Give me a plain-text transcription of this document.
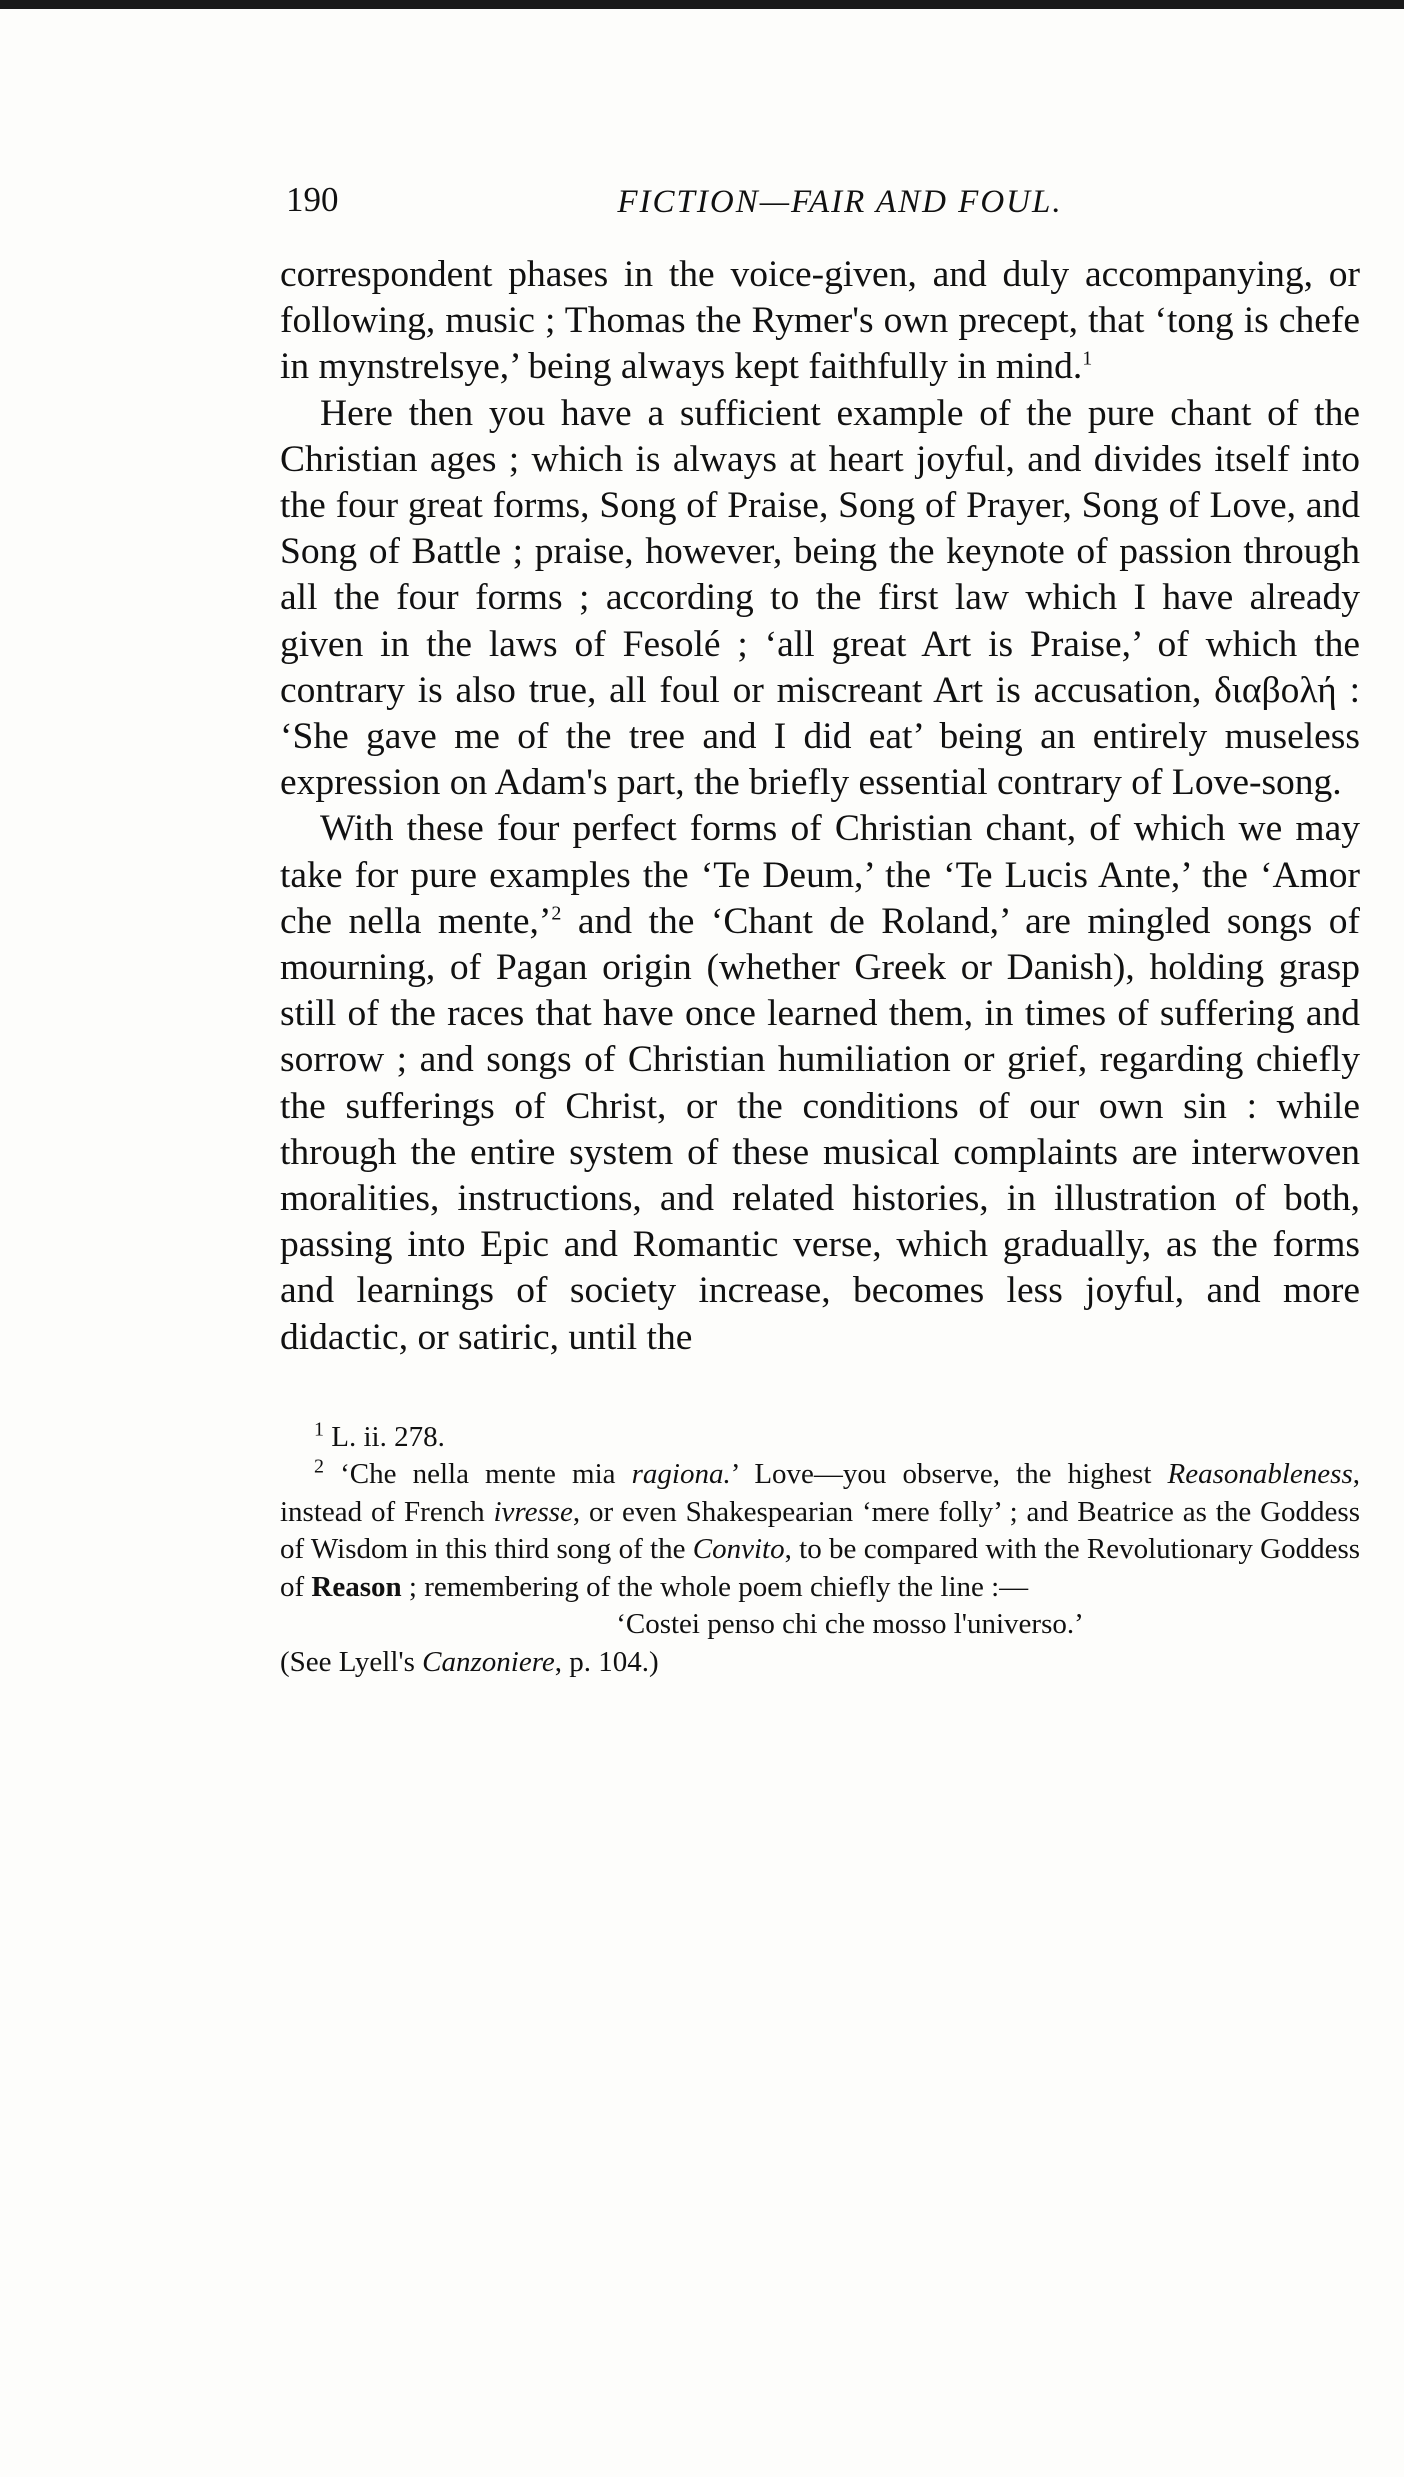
190	FICTION—FAIR AND FOUL.

correspondent phases in the voice-given, and duly accompanying, or following, music ; Thomas the Rymer's own precept, that ‘tong is chefe in mynstrelsye,’ being always kept faithfully in mind.$^1$

Here then you have a sufficient example of the pure chant of the Christian ages ; which is always at heart joyful, and divides itself into the four great forms, Song of Praise, Song of Prayer, Song of Love, and Song of Battle ; praise, however, being the keynote of passion through all the four forms ; according to the first law which I have already given in the laws of Fesolé ; ‘all great Art is Praise,’ of which the contrary is also true, all foul or miscreant Art is accusation, διαβολή : ‘She gave me of the tree and I did eat’ being an entirely museless expression on Adam's part, the briefly essential contrary of Love-song.

With these four perfect forms of Christian chant, of which we may take for pure examples the ‘Te Deum,’ the ‘Te Lucis Ante,’ the ‘Amor che nella mente,’$^2$ and the ‘Chant de Roland,’ are mingled songs of mourning, of Pagan origin (whether Greek or Danish), holding grasp still of the races that have once learned them, in times of suffering and sorrow ; and songs of Christian humiliation or grief, regarding chiefly the sufferings of Christ, or the conditions of our own sin : while through the entire system of these musical complaints are interwoven moralities, instructions, and related histories, in illustration of both, passing into Epic and Romantic verse, which gradually, as the forms and learnings of society increase, becomes less joyful, and more didactic, or satiric, until the

$^1$ L. ii. 278.

$^2$ ‘Che nella mente mia ragiona.’ Love—you observe, the highest Reasonableness, instead of French ivresse, or even Shakespearian ‘mere folly’ ; and Beatrice as the Goddess of Wisdom in this third song of the Convito, to be compared with the Revolutionary Goddess of Reason ; remembering of the whole poem chiefly the line :—

‘Costei penso chi che mosso l'universo.’

(See Lyell's Canzoniere, p. 104.)
